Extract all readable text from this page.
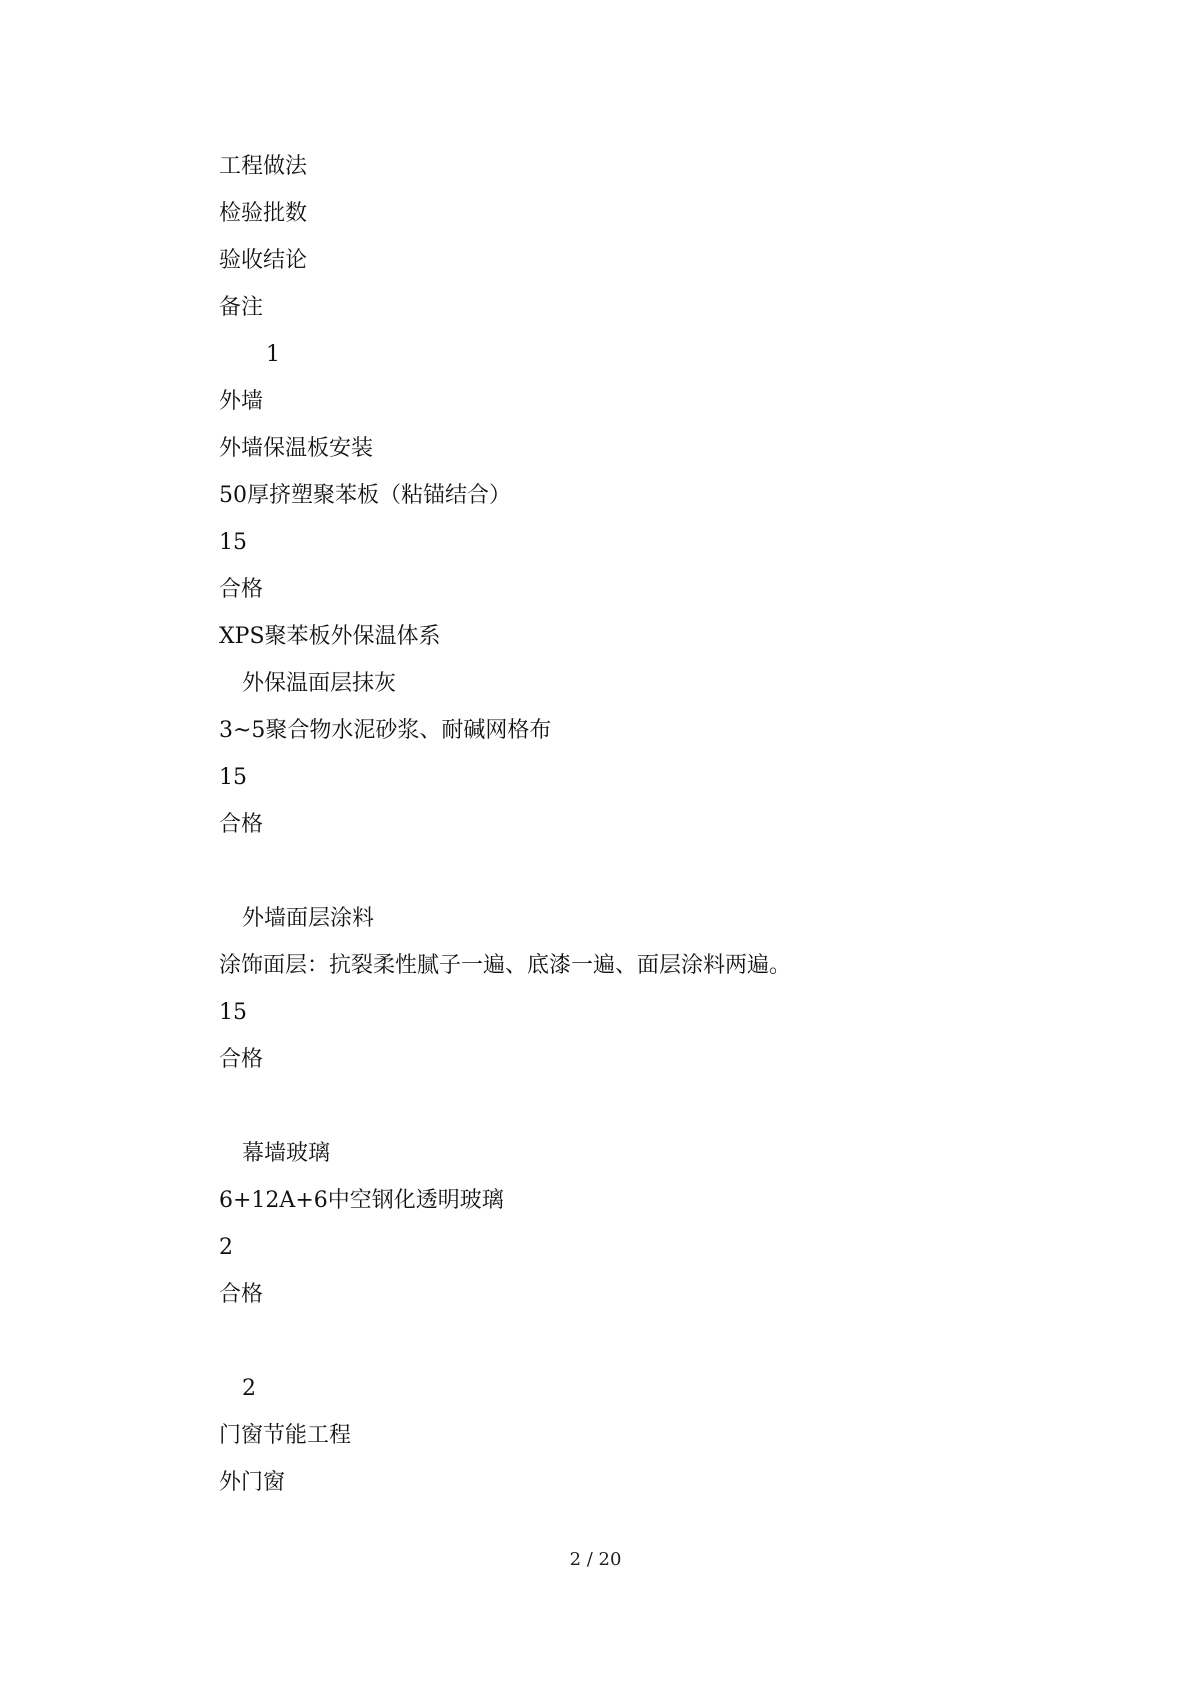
工程做法
检验批数
验收结论
备注
1
外墙
外墙保温板安装
50厚挤塑聚苯板（粘锚结合）
15
合格
XPS聚苯板外保温体系
外保温面层抹灰
3~5聚合物水泥砂浆、耐碱网格布
15
合格
外墙面层涂料
涂饰面层：抗裂柔性腻子一遍、底漆一遍、面层涂料两遍。
15
合格
幕墙玻璃
6+12A+6中空钢化透明玻璃
2
合格
2
门窗节能工程
外门窗
2 / 20
